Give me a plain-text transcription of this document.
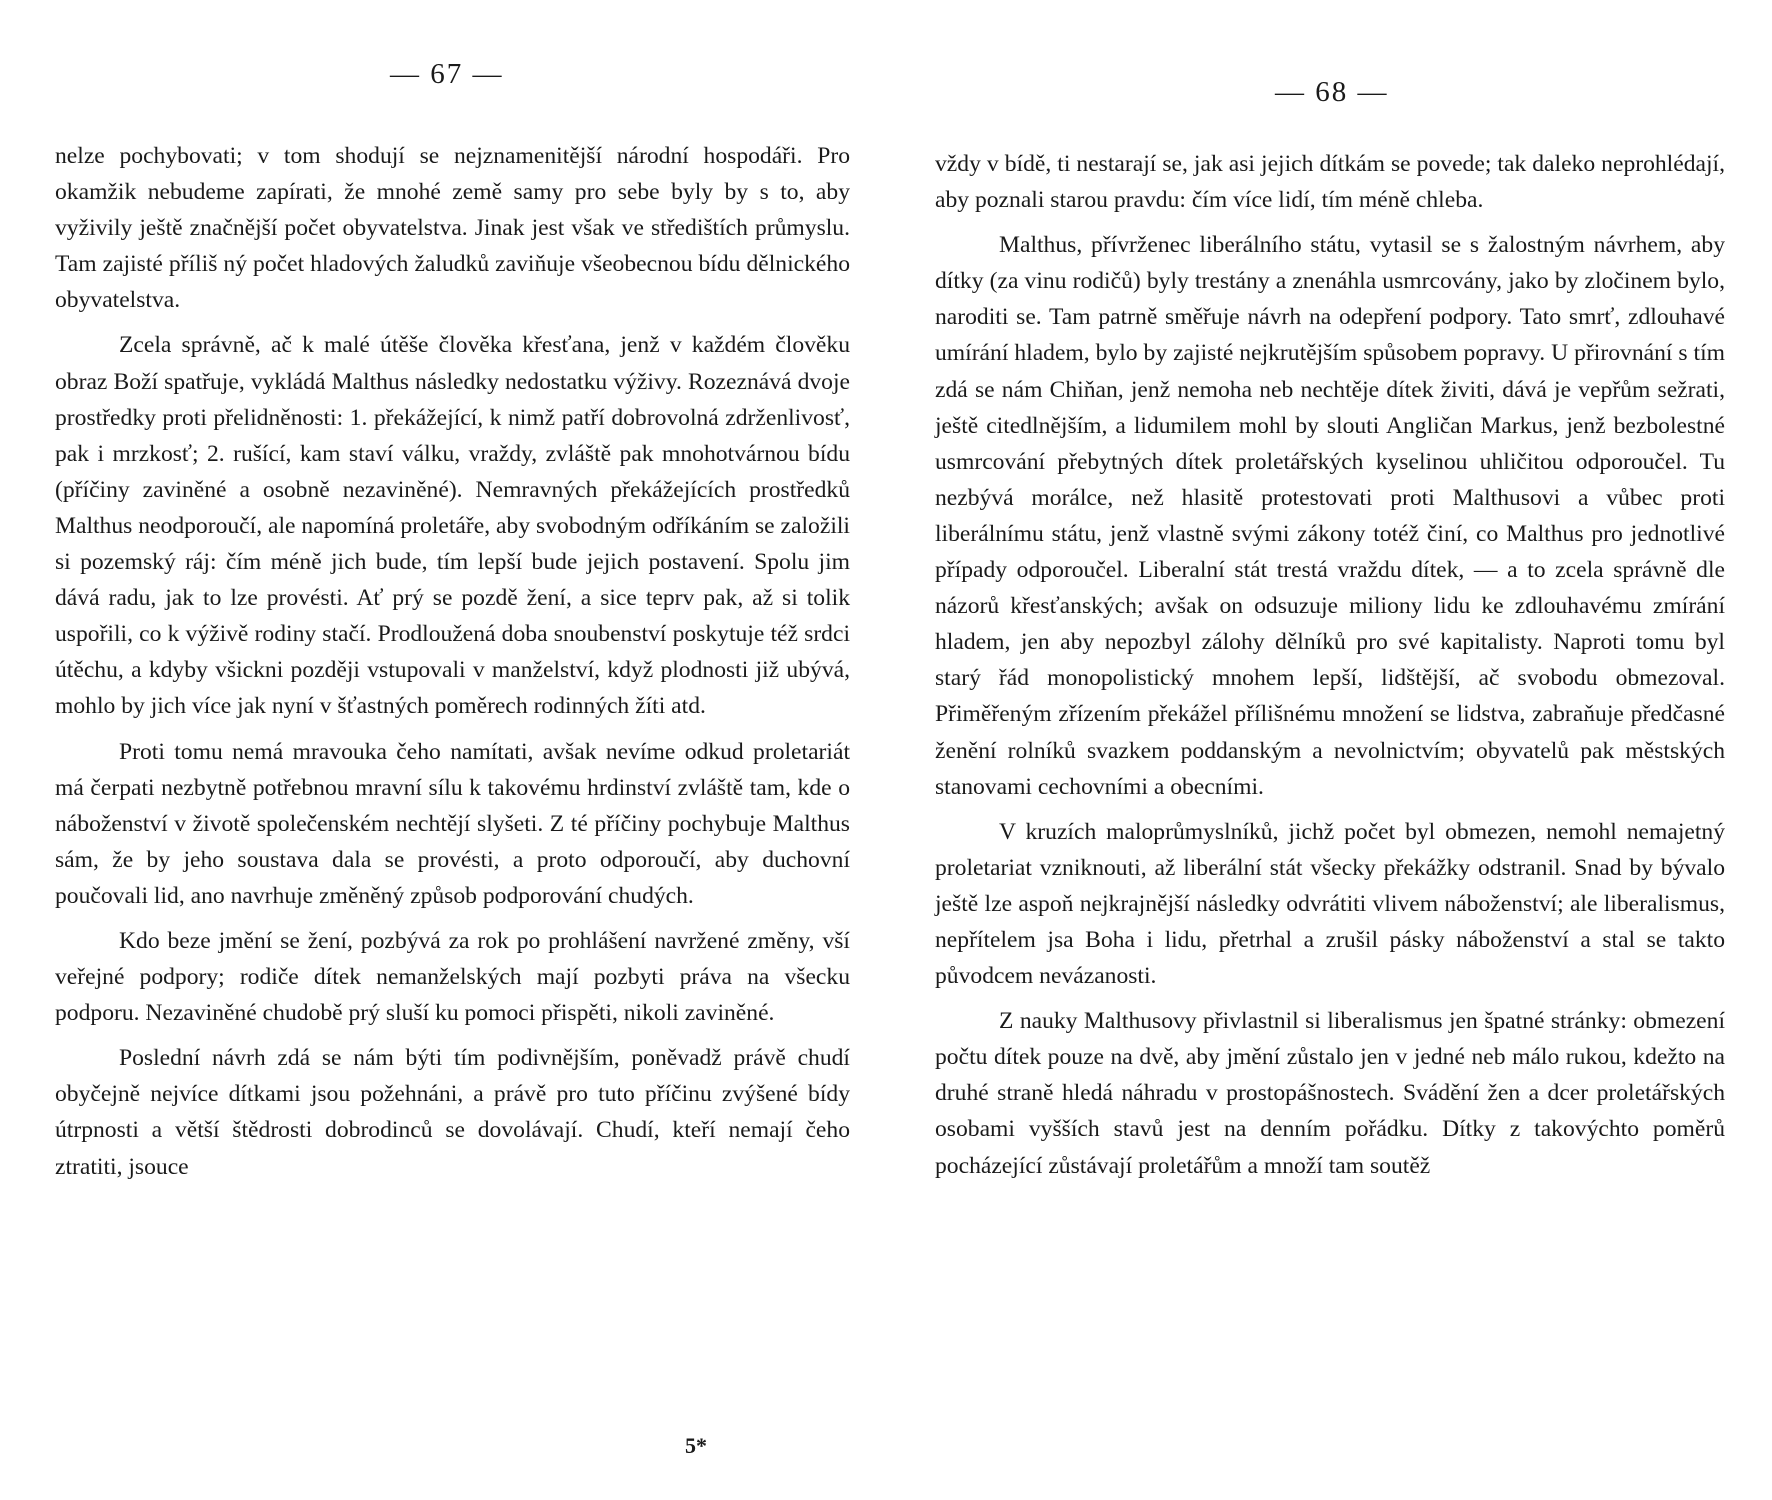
— 67 —

nelze pochybovati; v tom shodují se nejznamenitější národní hospodáři. Pro okamžik nebudeme zapírati, že mnohé země samy pro sebe byly by s to, aby vyživily ještě značnější počet obyvatelstva. Jinak jest však ve středištích průmyslu. Tam zajisté příliš ný počet hladových žaludků zaviňuje všeobecnou bídu dělnického obyvatelstva.

Zcela správně, ač k malé útěše člověka křesťana, jenž v každém člověku obraz Boží spatřuje, vykládá Malthus následky nedostatku výživy. Rozeznává dvoje prostředky proti přelidněnosti: 1. překážející, k nimž patří dobrovolná zdrženlivosť, pak i mrzkosť; 2. rušící, kam staví válku, vraždy, zvláště pak mnohotvárnou bídu (příčiny zaviněné a osobně nezaviněné). Nemravných překážejících prostředků Malthus neodporoučí, ale napomíná proletáře, aby svobodným odříkáním se založili si pozemský ráj: čím méně jich bude, tím lepší bude jejich postavení. Spolu jim dává radu, jak to lze provésti. Ať prý se pozdě žení, a sice teprv pak, až si tolik uspořili, co k výživě rodiny stačí. Prodloužená doba snoubenství poskytuje též srdci útěchu, a kdyby všickni později vstupovali v manželství, když plodnosti již ubývá, mohlo by jich více jak nyní v šťastných poměrech rodinných žíti atd.

Proti tomu nemá mravouka čeho namítati, avšak nevíme odkud proletariát má čerpati nezbytně potřebnou mravní sílu k takovému hrdinství zvláště tam, kde o náboženství v životě společenském nechtějí slyšeti. Z té příčiny pochybuje Malthus sám, že by jeho soustava dala se provésti, a proto odporoučí, aby duchovní poučovali lid, ano navrhuje změněný způsob podporování chudých.

Kdo beze jmění se žení, pozbývá za rok po prohlášení navržené změny, vší veřejné podpory; rodiče dítek nemanželských mají pozbyti práva na všecku podporu. Nezaviněné chudobě prý sluší ku pomoci přispěti, nikoli zaviněné.

Poslední návrh zdá se nám býti tím podivnějším, poněvadž právě chudí obyčejně nejvíce dítkami jsou požehnáni, a právě pro tuto příčinu zvýšené bídy útrpnosti a větší štědrosti dobrodinců se dovolávají. Chudí, kteří nemají čeho ztratiti, jsouce

5*
— 68 —

vždy v bídě, ti nestarají se, jak asi jejich dítkám se povede; tak daleko neprohlédají, aby poznali starou pravdu: čím více lidí, tím méně chleba.

Malthus, přívrženec liberálního státu, vytasil se s žalostným návrhem, aby dítky (za vinu rodičů) byly trestány a znenáhla usmrcovány, jako by zločinem bylo, naroditi se. Tam patrně směřuje návrh na odepření podpory. Tato smrť, zdlouhavé umírání hladem, bylo by zajisté nejkrutějším spůsobem popravy. U přirovnání s tím zdá se nám Chiňan, jenž nemoha neb nechtěje dítek živiti, dává je vepřům sežrati, ještě citedlnějším, a lidumilem mohl by slouti Angličan Markus, jenž bezbolestné usmrcování přebytných dítek proletářských kyselinou uhličitou odporoučel. Tu nezbývá morálce, než hlasitě protestovati proti Malthusovi a vůbec proti liberálnímu státu, jenž vlastně svými zákony totéž činí, co Malthus pro jednotlivé případy odporoučel. Liberalní stát trestá vraždu dítek, — a to zcela správně dle názorů křesťanských; avšak on odsuzuje miliony lidu ke zdlouhavému zmírání hladem, jen aby nepozbyl zálohy dělníků pro své kapitalisty. Naproti tomu byl starý řád monopolistický mnohem lepší, lidštější, ač svobodu obmezoval. Přiměřeným zřízením překážel přílišnému množení se lidstva, zabraňuje předčasné ženění rolníků svazkem poddanským a nevolnictvím; obyvatelů pak městských stanovami cechovními a obecními.

V kruzích maloprůmyslníků, jichž počet byl obmezen, nemohl nemajetný proletariat vzniknouti, až liberální stát všecky překážky odstranil. Snad by bývalo ještě lze aspoň nejkrajnější následky odvrátiti vlivem náboženství; ale liberalismus, nepřítelem jsa Boha i lidu, přetrhal a zrušil pásky náboženství a stal se takto původcem nevázanosti.

Z nauky Malthusovy přivlastnil si liberalismus jen špatné stránky: obmezení počtu dítek pouze na dvě, aby jmění zůstalo jen v jedné neb málo rukou, kdežto na druhé straně hledá náhradu v prostopášnostech. Svádění žen a dcer proletářských osobami vyšších stavů jest na denním pořádku. Dítky z takovýchto poměrů pocházející zůstávají proletářům a množí tam soutěž
